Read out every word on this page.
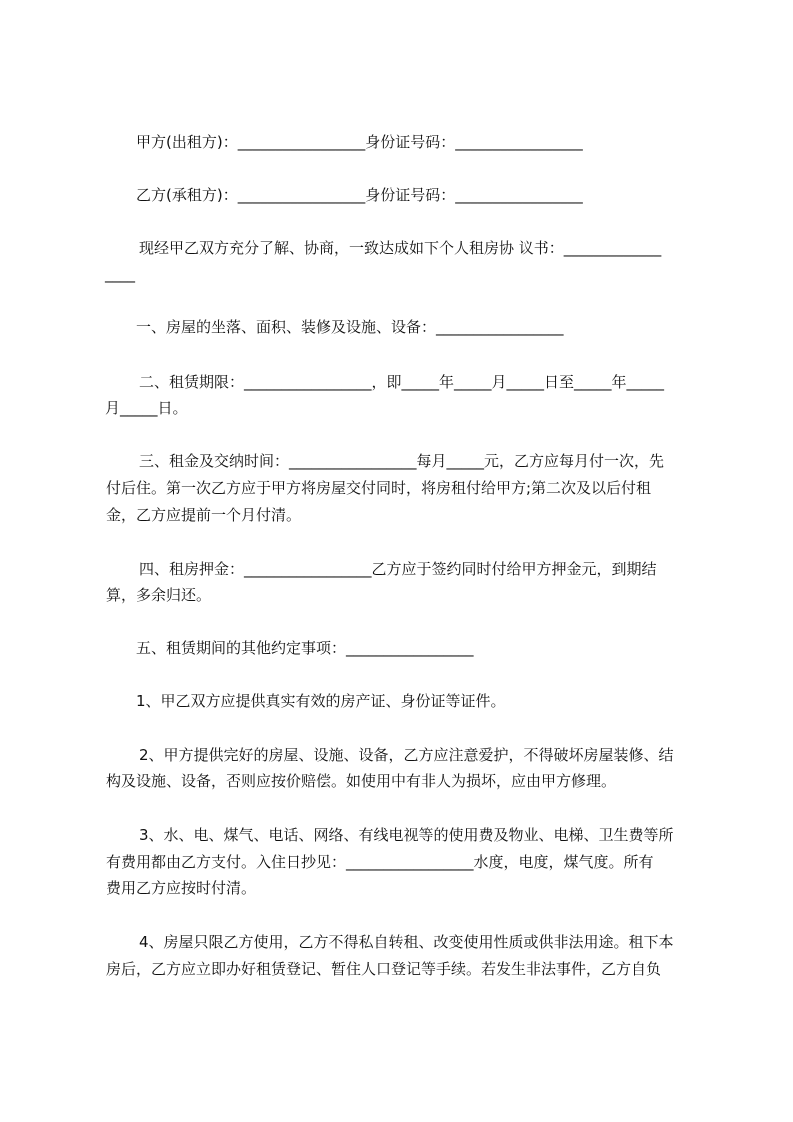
甲方(出租方)：_________________身份证号码：_________________
乙方(承租方)：_________________身份证号码：_________________
现经甲乙双方充分了解、协商，一致达成如下个人租房协 议书：_____________
____
一、房屋的坐落、面积、装修及设施、设备：_________________
二、租赁期限：_________________，即_____年_____月_____日至_____年_____
月_____日。
三、租金及交纳时间：_________________每月_____元，乙方应每月付一次，先
付后住。第一次乙方应于甲方将房屋交付同时，将房租付给甲方;第二次及以后付租
金，乙方应提前一个月付清。
四、租房押金：_________________乙方应于签约同时付给甲方押金元，到期结
算，多余归还。
五、租赁期间的其他约定事项：_________________
1、甲乙双方应提供真实有效的房产证、身份证等证件。
2、甲方提供完好的房屋、设施、设备，乙方应注意爱护，不得破坏房屋装修、结
构及设施、设备，否则应按价赔偿。如使用中有非人为损坏，应由甲方修理。
3、水、电、煤气、电话、网络、有线电视等的使用费及物业、电梯、卫生费等所
有费用都由乙方支付。入住日抄见：_________________水度，电度，煤气度。所有
费用乙方应按时付清。
4、房屋只限乙方使用，乙方不得私自转租、改变使用性质或供非法用途。租下本
房后，乙方应立即办好租赁登记、暂住人口登记等手续。若发生非法事件，乙方自负
